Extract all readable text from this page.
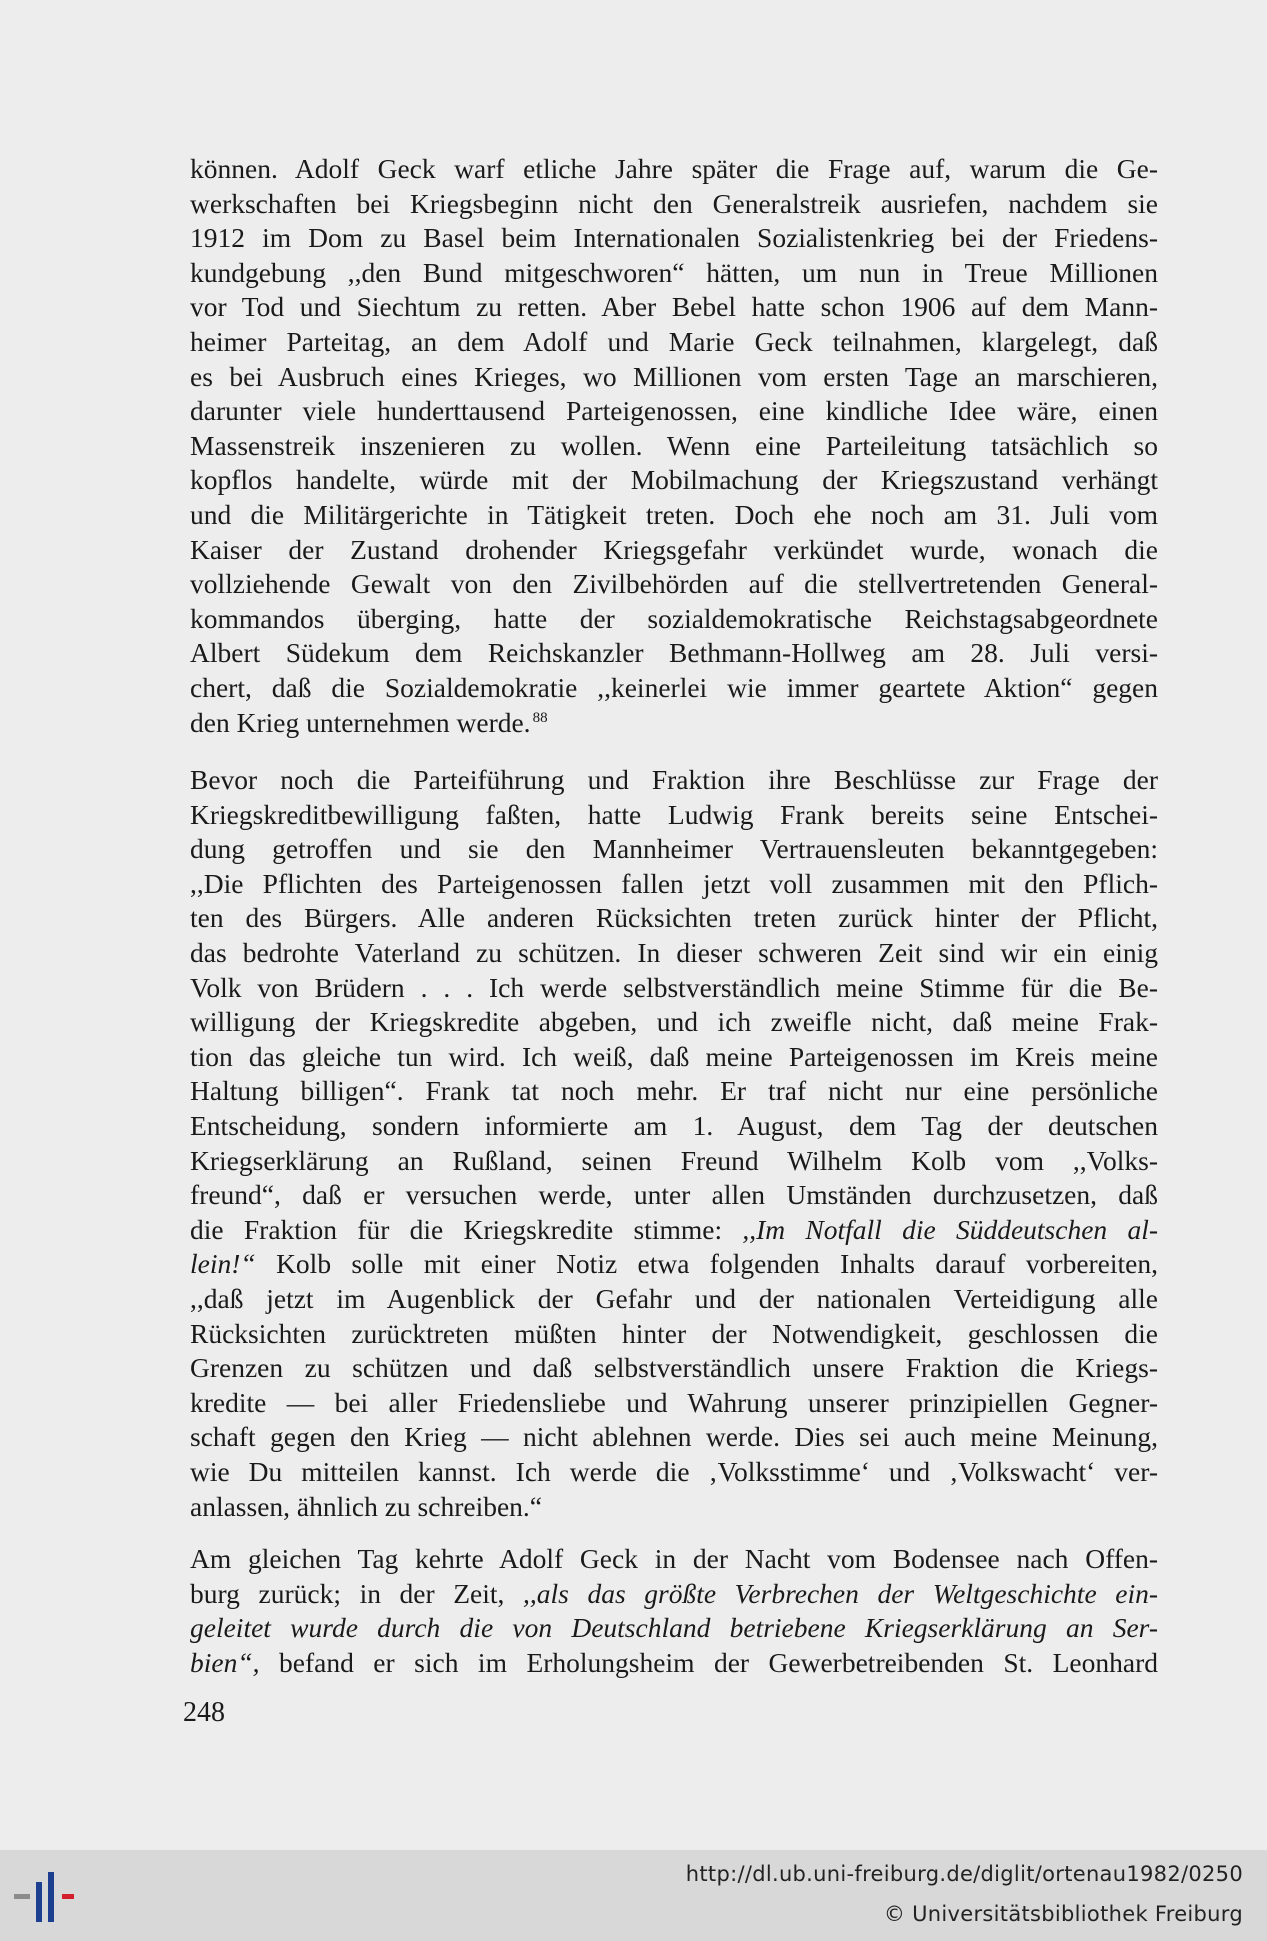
können. Adolf Geck warf etliche Jahre später die Frage auf, warum die Ge-
werkschaften bei Kriegsbeginn nicht den Generalstreik ausriefen, nachdem sie
1912 im Dom zu Basel beim Internationalen Sozialistenkrieg bei der Friedens-
kundgebung ,,den Bund mitgeschworen“ hätten, um nun in Treue Millionen
vor Tod und Siechtum zu retten. Aber Bebel hatte schon 1906 auf dem Mann-
heimer Parteitag, an dem Adolf und Marie Geck teilnahmen, klargelegt, daß
es bei Ausbruch eines Krieges, wo Millionen vom ersten Tage an marschieren,
darunter viele hunderttausend Parteigenossen, eine kindliche Idee wäre, einen
Massenstreik inszenieren zu wollen. Wenn eine Parteileitung tatsächlich so
kopflos handelte, würde mit der Mobilmachung der Kriegszustand verhängt
und die Militärgerichte in Tätigkeit treten. Doch ehe noch am 31. Juli vom
Kaiser der Zustand drohender Kriegsgefahr verkündet wurde, wonach die
vollziehende Gewalt von den Zivilbehörden auf die stellvertretenden General-
kommandos überging, hatte der sozialdemokratische Reichstagsabgeordnete
Albert Südekum dem Reichskanzler Bethmann-Hollweg am 28. Juli versi-
chert, daß die Sozialdemokratie ,,keinerlei wie immer geartete Aktion“ gegen
den Krieg unternehmen werde. $^{88}$
Bevor noch die Parteiführung und Fraktion ihre Beschlüsse zur Frage der
Kriegskreditbewilligung faßten, hatte Ludwig Frank bereits seine Entschei-
dung getroffen und sie den Mannheimer Vertrauensleuten bekanntgegeben:
,,Die Pflichten des Parteigenossen fallen jetzt voll zusammen mit den Pflich-
ten des Bürgers. Alle anderen Rücksichten treten zurück hinter der Pflicht,
das bedrohte Vaterland zu schützen. In dieser schweren Zeit sind wir ein einig
Volk von Brüdern . . . Ich werde selbstverständlich meine Stimme für die Be-
willigung der Kriegskredite abgeben, und ich zweifle nicht, daß meine Frak-
tion das gleiche tun wird. Ich weiß, daß meine Parteigenossen im Kreis meine
Haltung billigen“. Frank tat noch mehr. Er traf nicht nur eine persönliche
Entscheidung, sondern informierte am 1. August, dem Tag der deutschen
Kriegserklärung an Rußland, seinen Freund Wilhelm Kolb vom ,,Volks-
freund“, daß er versuchen werde, unter allen Umständen durchzusetzen, daß
die Fraktion für die Kriegskredite stimme: ,,Im Notfall die Süddeutschen al-
lein!“ Kolb solle mit einer Notiz etwa folgenden Inhalts darauf vorbereiten,
,,daß jetzt im Augenblick der Gefahr und der nationalen Verteidigung alle
Rücksichten zurücktreten müßten hinter der Notwendigkeit, geschlossen die
Grenzen zu schützen und daß selbstverständlich unsere Fraktion die Kriegs-
kredite — bei aller Friedensliebe und Wahrung unserer prinzipiellen Gegner-
schaft gegen den Krieg — nicht ablehnen werde. Dies sei auch meine Meinung,
wie Du mitteilen kannst. Ich werde die ‚Volksstimme‘ und ‚Volkswacht‘ ver-
anlassen, ähnlich zu schreiben.“
Am gleichen Tag kehrte Adolf Geck in der Nacht vom Bodensee nach Offen-
burg zurück; in der Zeit, ,,als das größte Verbrechen der Weltgeschichte ein-
geleitet wurde durch die von Deutschland betriebene Kriegserklärung an Ser-
bien“, befand er sich im Erholungsheim der Gewerbetreibenden St. Leonhard
248
http://dl.ub.uni-freiburg.de/diglit/ortenau1982/0250
© Universitätsbibliothek Freiburg
